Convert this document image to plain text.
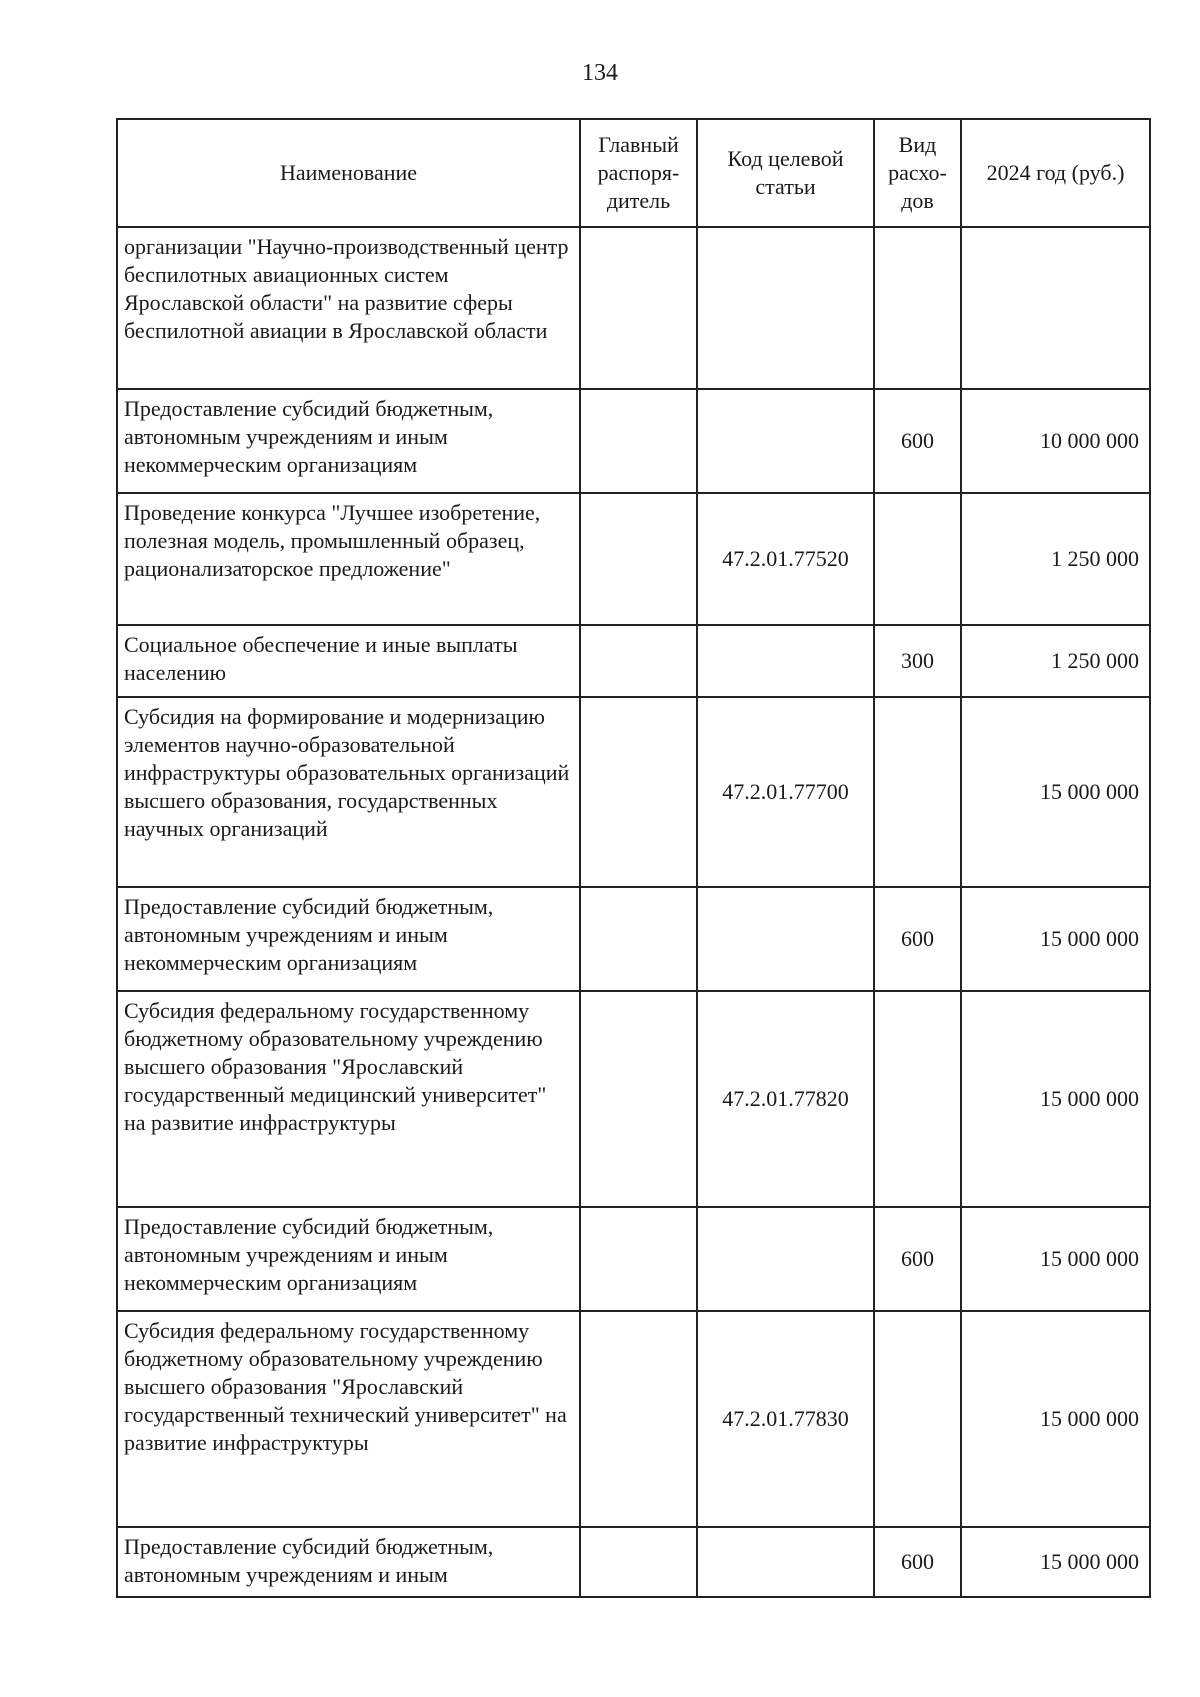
134
Наименование	Главный распоря-дитель	Код целевой статьи	Вид расхо-дов	2024 год (руб.)
организации "Научно-производственный центр беспилотных авиационных систем Ярославской области" на развитие сферы беспилотной авиации в Ярославской области				
Предоставление субсидий бюджетным, автономным учреждениям и иным некоммерческим организациям			600	10 000 000
Проведение конкурса "Лучшее изобретение, полезная модель, промышленный образец, рационализаторское предложение"		47.2.01.77520		1 250 000
Социальное обеспечение и иные выплаты населению			300	1 250 000
Субсидия на формирование и модернизацию элементов научно-образовательной инфраструктуры образовательных организаций высшего образования, государственных научных организаций		47.2.01.77700		15 000 000
Предоставление субсидий бюджетным, автономным учреждениям и иным некоммерческим организациям			600	15 000 000
Субсидия федеральному государственному бюджетному образовательному учреждению высшего образования "Ярославский государственный медицинский университет" на развитие инфраструктуры		47.2.01.77820		15 000 000
Предоставление субсидий бюджетным, автономным учреждениям и иным некоммерческим организациям			600	15 000 000
Субсидия федеральному государственному бюджетному образовательному учреждению высшего образования "Ярославский государственный технический университет" на развитие инфраструктуры		47.2.01.77830		15 000 000
Предоставление субсидий бюджетным, автономным учреждениям и иным			600	15 000 000
